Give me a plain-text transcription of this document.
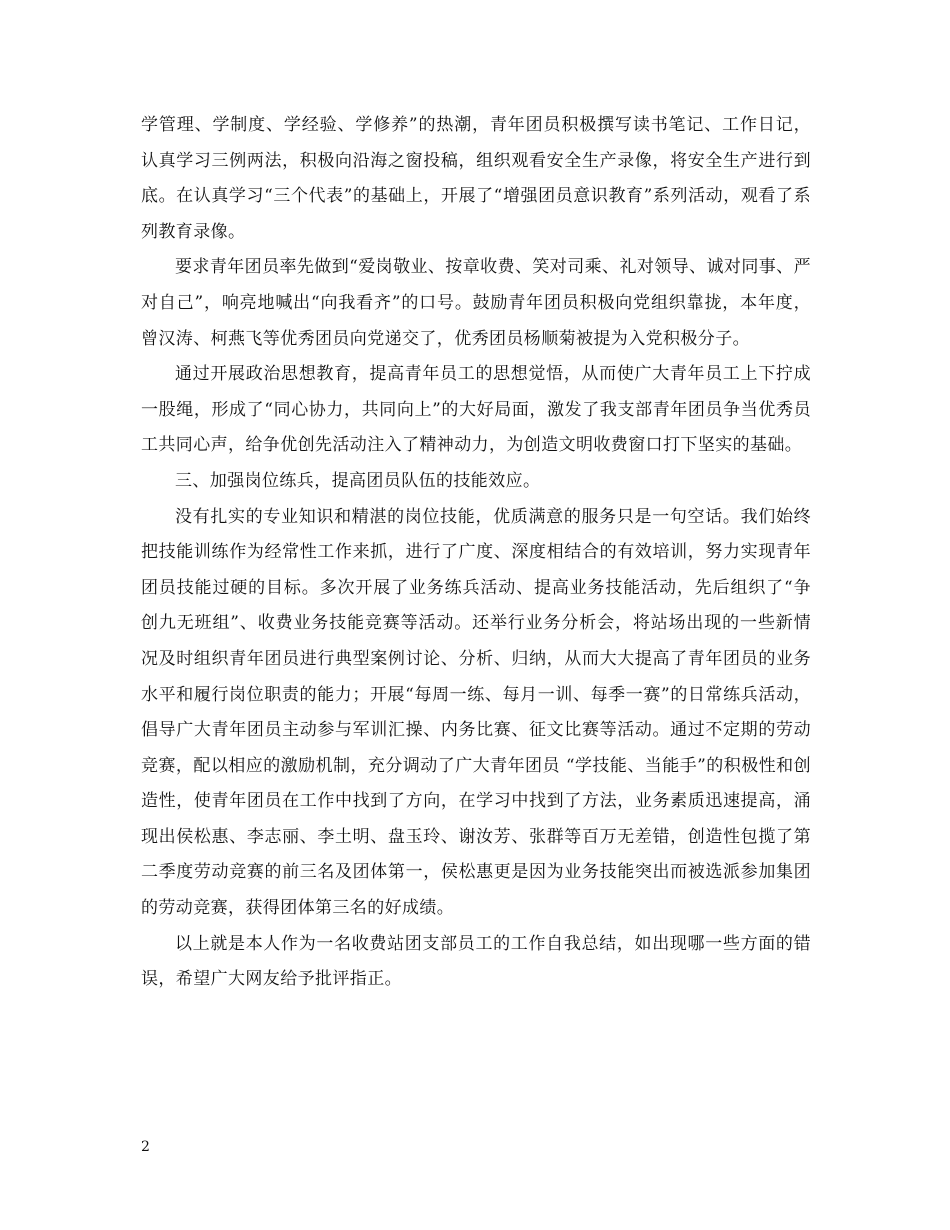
学管理、学制度、学经验、学修养”的热潮，青年团员积极撰写读书笔记、工作日记，认真学习三例两法，积极向沿海之窗投稿，组织观看安全生产录像，将安全生产进行到底。在认真学习“三个代表”的基础上，开展了“增强团员意识教育”系列活动，观看了系列教育录像。

要求青年团员率先做到“爱岗敬业、按章收费、笑对司乘、礼对领导、诚对同事、严对自己”，响亮地喊出“向我看齐”的口号。鼓励青年团员积极向党组织靠拢，本年度，曾汉涛、柯燕飞等优秀团员向党递交了，优秀团员杨顺菊被提为入党积极分子。

通过开展政治思想教育，提高青年员工的思想觉悟，从而使广大青年员工上下拧成一股绳，形成了“同心协力，共同向上”的大好局面，激发了我支部青年团员争当优秀员工共同心声，给争优创先活动注入了精神动力，为创造文明收费窗口打下坚实的基础。

三、加强岗位练兵，提高团员队伍的技能效应。

没有扎实的专业知识和精湛的岗位技能，优质满意的服务只是一句空话。我们始终把技能训练作为经常性工作来抓，进行了广度、深度相结合的有效培训，努力实现青年团员技能过硬的目标。多次开展了业务练兵活动、提高业务技能活动，先后组织了“争创九无班组”、收费业务技能竞赛等活动。还举行业务分析会，将站场出现的一些新情况及时组织青年团员进行典型案例讨论、分析、归纳，从而大大提高了青年团员的业务水平和履行岗位职责的能力；开展“每周一练、每月一训、每季一赛”的日常练兵活动，倡导广大青年团员主动参与军训汇操、内务比赛、征文比赛等活动。通过不定期的劳动竞赛，配以相应的激励机制，充分调动了广大青年团员 “学技能、当能手”的积极性和创造性，使青年团员在工作中找到了方向，在学习中找到了方法，业务素质迅速提高，涌现出侯松惠、李志丽、李土明、盘玉玲、谢汝芳、张群等百万无差错，创造性包揽了第二季度劳动竞赛的前三名及团体第一，侯松惠更是因为业务技能突出而被选派参加集团的劳动竞赛，获得团体第三名的好成绩。

以上就是本人作为一名收费站团支部员工的工作自我总结，如出现哪一些方面的错误，希望广大网友给予批评指正。

2
